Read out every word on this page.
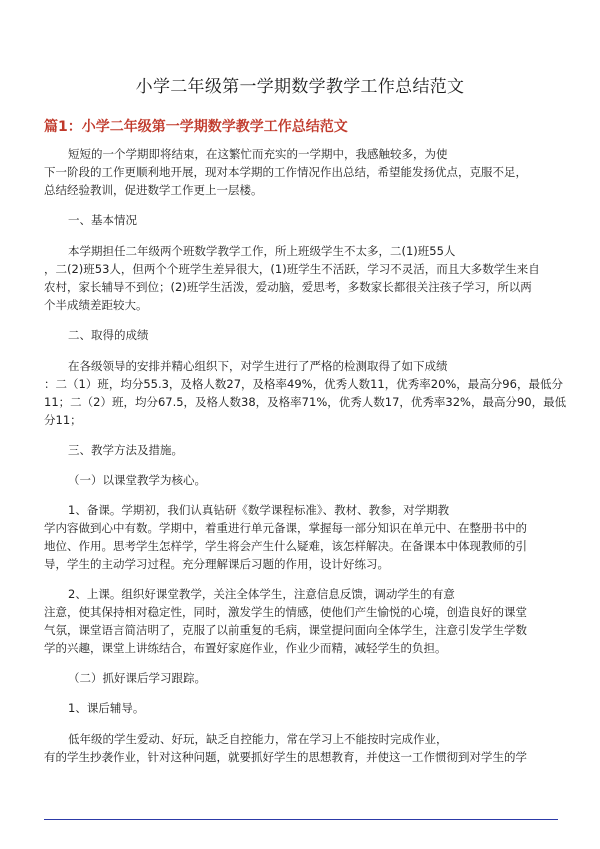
小学二年级第一学期数学教学工作总结范文
篇1：小学二年级第一学期数学教学工作总结范文
短短的一个学期即将结束，在这繁忙而充实的一学期中，我感触较多，为使
下一阶段的工作更顺利地开展，现对本学期的工作情况作出总结，希望能发扬优点，克服不足，
总结经验教训，促进数学工作更上一层楼。
一、基本情况
本学期担任二年级两个班数学教学工作，所上班级学生不太多，二(1)班55人
，二(2)班53人，但两个个班学生差异很大，(1)班学生不活跃，学习不灵活，而且大多数学生来自
农村，家长辅导不到位；(2)班学生活泼，爱动脑，爱思考，多数家长都很关注孩子学习，所以两
个半成绩差距较大。
二、取得的成绩
在各级领导的安排并精心组织下，对学生进行了严格的检测取得了如下成绩
：二（1）班，均分55.3，及格人数27，及格率49%，优秀人数11，优秀率20%，最高分96，最低分
11；二（2）班，均分67.5，及格人数38，及格率71%，优秀人数17，优秀率32%，最高分90，最低
分11；
三、教学方法及措施。
（一）以课堂教学为核心。
1、备课。学期初，我们认真钻研《数学课程标准》、教材、教参，对学期教
学内容做到心中有数。学期中，着重进行单元备课，掌握每一部分知识在单元中、在整册书中的
地位、作用。思考学生怎样学，学生将会产生什么疑难，该怎样解决。在备课本中体现教师的引
导，学生的主动学习过程。充分理解课后习题的作用，设计好练习。
2、上课。组织好课堂教学，关注全体学生，注意信息反馈，调动学生的有意
注意，使其保持相对稳定性，同时，激发学生的情感，使他们产生愉悦的心境，创造良好的课堂
气氛，课堂语言简洁明了，克服了以前重复的毛病，课堂提问面向全体学生，注意引发学生学数
学的兴趣，课堂上讲练结合，布置好家庭作业，作业少而精，减轻学生的负担。
（二）抓好课后学习跟踪。
1、课后辅导。
低年级的学生爱动、好玩，缺乏自控能力，常在学习上不能按时完成作业，
有的学生抄袭作业，针对这种问题，就要抓好学生的思想教育，并使这一工作惯彻到对学生的学
